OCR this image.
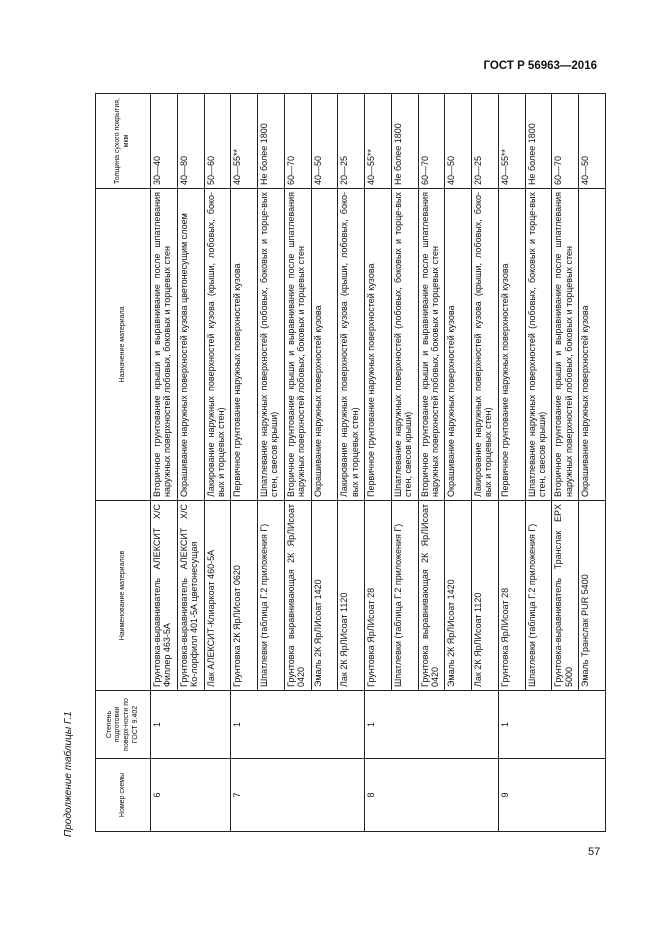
ГОСТ Р 56963—2016
Продолжение таблицы Г.1	Номер схемы	Степень подготовки поверх-ности по ГОСТ 9.402	Наименование материалов	Назначение материала	Толщина сухого покрытия, мкм
6	1	Грунтовка-выравниватель АЛЕКСИТ Х/С Филлер 463-5А	Вторичное грунтование крыши и выравнивание после шпатлевания наружных поверхностей лобовых, боковых и торцевых стен	30—40
		Грунтовка-выравниватель АЛЕКСИТ Х/С Ко-лорфилл 401-5А цветонесущая	Окрашивание наружных поверхностей кузова цветонесущим слоем	40—80
		Лак АЛЕКСИТ-Клиаркоат 460-5А	Лакирование наружных поверхностей кузова (крыши, лобовых, боко-вых и торцевых стен)	50—60
7	1	Грунтовка 2К ЯрЛИсоат 0620	Первичное грунтование наружных поверхностей кузова	40—55**
		Шпатлевки (таблица Г.2 приложения Г)	Шпатлевание наружных поверхностей (лобовых, боковых и торце-вых стен, свесов крыши)	Не более 1800
		Грунтовка выравнивающая 2К ЯрЛИсоат 0420	Вторичное грунтование крыши и выравнивание после шпатлевания наружных поверхностей лобовых, боковых и торцевых стен	60—70
		Эмаль 2К ЯрЛИсоат 1420	Окрашивание наружных поверхностей кузова	40—50
		Лак 2К ЯрЛИсоат 1120	Лакирование наружных поверхностей кузова (крыши, лобовых, боко-вых и торцевых стен)	20—25
8	1	Грунтовка ЯрЛИсоат 28	Первичное грунтование наружных поверхностей кузова	40—55**
		Шпатлевки (таблица Г.2 приложения Г)	Шпатлевание наружных поверхностей (лобовых, боковых и торце-вых стен, свесов крыши)	Не более 1800
		Грунтовка выравнивающая 2К ЯрЛИсоат 0420	Вторичное грунтование крыши и выравнивание после шпатлевания наружных поверхностей лобовых, боковых и торцевых стен	60—70
		Эмаль 2К ЯрЛИсоат 1420	Окрашивание наружных поверхностей кузова	40—50
		Лак 2К ЯрЛИсоат 1120	Лакирование наружных поверхностей кузова (крыши, лобовых, боко-вых и торцевых стен)	20—25
9	1	Грунтовка ЯрЛИсоат 28	Первичное грунтование наружных поверхностей кузова	40—55**
		Шпатлевки (таблица Г.2 приложения Г)	Шпатлевание наружных поверхностей (лобовых, боковых и торце-вых стен, свесов крыши)	Не более 1800
		Грунтовка-выравниватель Транслак EPX 5000	Вторичное грунтование крыши и выравнивание после шпатлевания наружных поверхностей лобовых, боковых и торцевых стен	60—70
		Эмаль Транслак PUR 5400	Окрашивание наружных поверхностей кузова	40—50
57
